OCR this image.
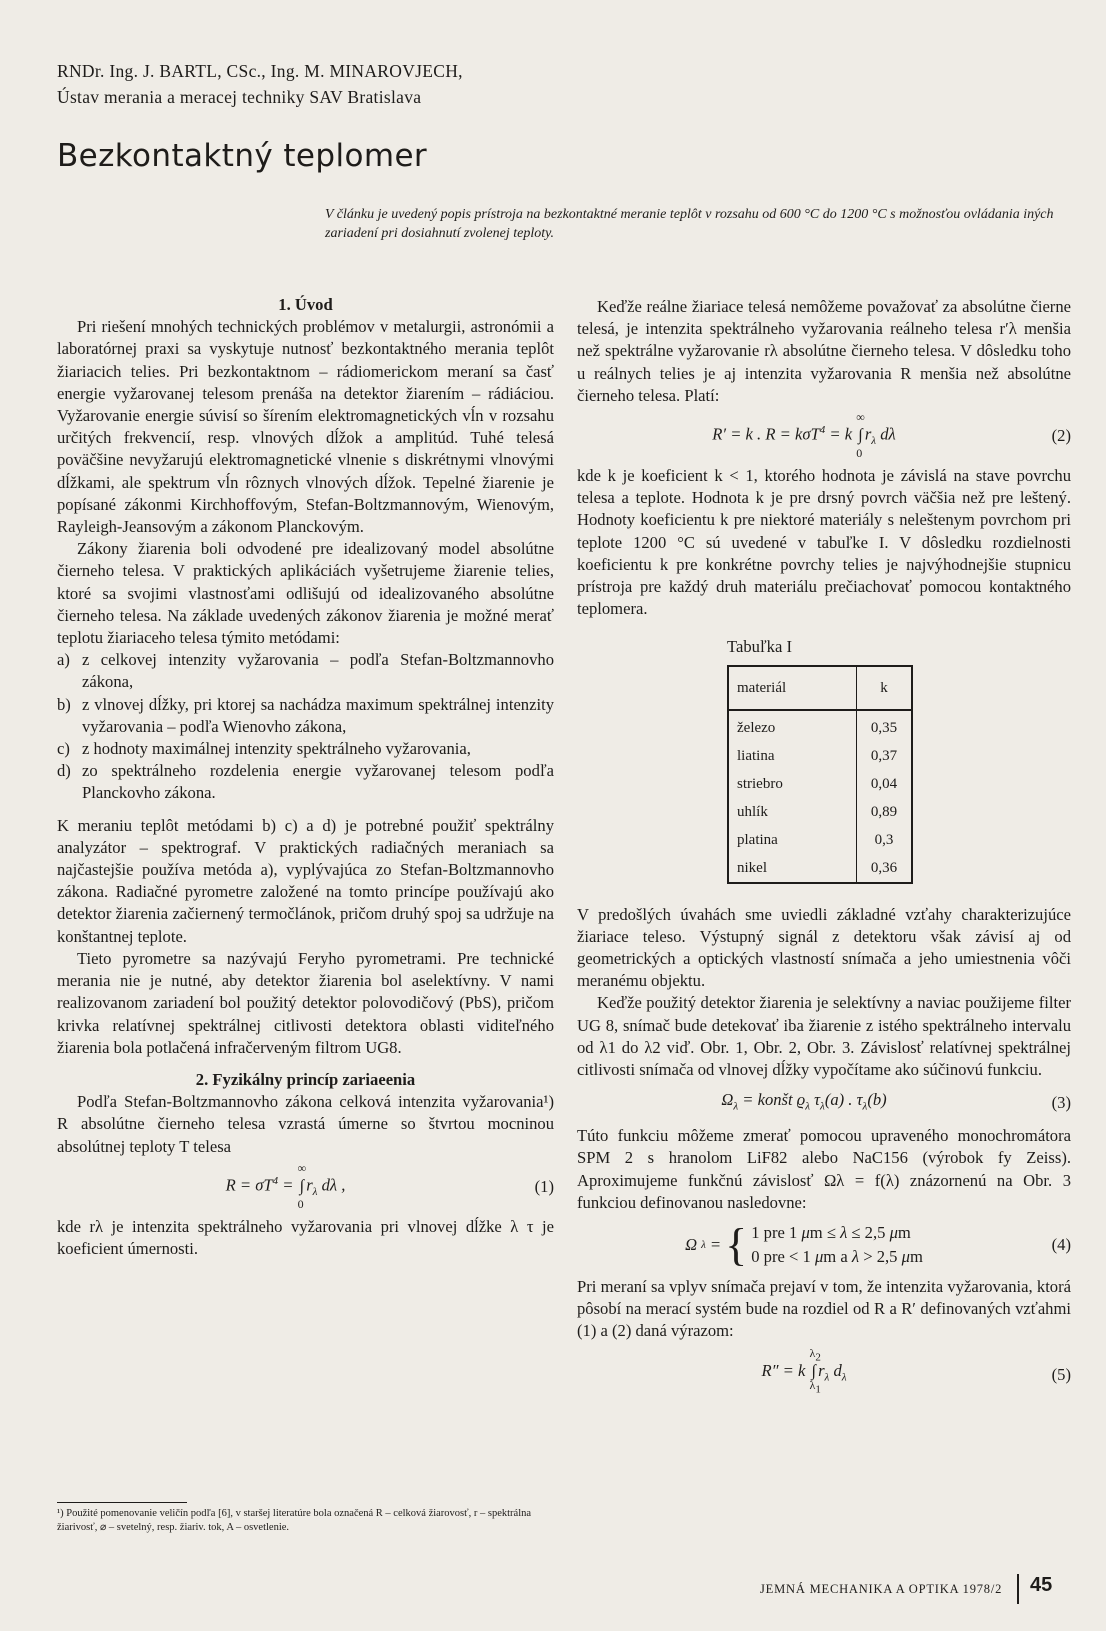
RNDr. Ing. J. BARTL, CSc., Ing. M. MINAROVJECH,
Ústav merania a meracej techniky SAV Bratislava
Bezkontaktný teplomer
V článku je uvedený popis prístroja na bezkontaktné meranie teplôt v rozsahu od 600 °C do 1200 °C s možnosťou ovládania iných zariadení pri dosiahnutí zvolenej teploty.

1. Úvod

Pri riešení mnohých technických problémov v metalurgii, astronómii a laboratórnej praxi sa vyskytuje nutnosť bezkontaktného merania teplôt žiariacich telies. Pri bezkontaktnom – rádiomerickom meraní sa časť energie vyžarovanej telesom prenáša na detektor žiarením – rádiáciou. Vyžarovanie energie súvisí so šírením elektromagnetických vĺn v rozsahu určitých frekvencií, resp. vlnových dĺžok a amplitúd. Tuhé telesá poväčšine nevyžarujú elektromagnetické vlnenie s diskrétnymi vlnovými dĺžkami, ale spektrum vĺn rôznych vlnových dĺžok. Tepelné žiarenie je popísané zákonmi Kirchhoffovým, Stefan-Boltzmannovým, Wienovým, Rayleigh-Jeansovým a zákonom Planckovým.

Zákony žiarenia boli odvodené pre idealizovaný model absolútne čierneho telesa. V praktických aplikáciách vyšetrujeme žiarenie telies, ktoré sa svojimi vlastnosťami odlišujú od idealizovaného absolútne čierneho telesa. Na základe uvedených zákonov žiarenia je možné merať teplotu žiariaceho telesa týmito metódami:

a) z celkovej intenzity vyžarovania – podľa Stefan-Boltzmannovho zákona,
b) z vlnovej dĺžky, pri ktorej sa nachádza maximum spektrálnej intenzity vyžarovania – podľa Wienovho zákona,
c) z hodnoty maximálnej intenzity spektrálneho vyžarovania,
d) zo spektrálneho rozdelenia energie vyžarovanej telesom podľa Planckovho zákona.

K meraniu teplôt metódami b) c) a d) je potrebné použiť spektrálny analyzátor – spektrograf. V praktických radiačných meraniach sa najčastejšie používa metóda a), vyplývajúca zo Stefan-Boltzmannovho zákona. Radiačné pyrometre založené na tomto princípe používajú ako detektor žiarenia začiernený termočlánok, pričom druhý spoj sa udržuje na konštantnej teplote.

Tieto pyrometre sa nazývajú Feryho pyrometrami. Pre technické merania nie je nutné, aby detektor žiarenia bol aselektívny. V nami realizovanom zariadení bol použitý detektor polovodičový (PbS), pričom krivka relatívnej spektrálnej citlivosti detektora oblasti viditeľného žiarenia bola potlačená infračerveným filtrom UG8.

2. Fyzikálny princíp zariaeenia

Podľa Stefan-Boltzmannovho zákona celková intenzita vyžarovania¹) R absolútne čierneho telesa vzrastá úmerne so štvrtou mocninou absolútnej teploty T telesa

$R = \sigma T^4$ = ∫
∞
0
$r_\lambda$ dλ ,	(1)

kde rλ je intenzita spektrálneho vyžarovania pri vlnovej dĺžke λ τ je koeficient úmernosti.

Keďže reálne žiariace telesá nemôžeme považovať za absolútne čierne telesá, je intenzita spektrálneho vyžarovania reálneho telesa r′λ menšia než spektrálne vyžarovanie rλ absolútne čierneho telesa. V dôsledku toho u reálnych telies je aj intenzita vyžarovania R menšia než absolútne čierneho telesa. Platí:

R′ = k . R = kσT$^4$ = k ∫
∞
0
$r_\lambda$ dλ	(2)

kde k je koeficient k < 1, ktorého hodnota je závislá na stave povrchu telesa a teplote. Hodnota k je pre drsný povrch väčšia než pre leštený. Hodnoty koeficientu k pre niektoré materiály s neleštenym povrchom pri teplote 1200 °C sú uvedené v tabuľke I. V dôsledku rozdielnosti koeficientu k pre konkrétne povrchy telies je najvýhodnejšie stupnicu prístroja pre každý druh materiálu prečiachovať pomocou kontaktného teplomera.

Tabuľka I
materiál	k
železo	0,35
liatina	0,37
striebro	0,04
uhlík	0,89
platina	0,3
nikel	0,36

V predošlých úvahách sme uviedli základné vzťahy charakterizujúce žiariace teleso. Výstupný signál z detektoru však závisí aj od geometrických a optických vlastností snímača a jeho umiestnenia vôči meranému objektu.

Keďže použitý detektor žiarenia je selektívny a naviac použijeme filter UG 8, snímač bude detekovať iba žiarenie z istého spektrálneho intervalu od λ1 do λ2 viď. Obr. 1, Obr. 2, Obr. 3. Závislosť relatívnej spektrálnej citlivosti snímača od vlnovej dĺžky vypočítame ako súčinovú funkciu.

$\Omega_\lambda$ = konšt $ϱ_\lambda$ $\tau_\lambda(a)$ . $\tau_\lambda(b)$	(3)

Túto funkciu môžeme zmerať pomocou upraveného monochromátora SPM 2 s hranolom LiF82 alebo NaC156 (výrobok fy Zeiss). Aproximujeme funkčnú závislosť Ωλ = f(λ) znázornenú na Obr. 3 funkciou definovanou nasledovne:

Ω λ = { 1 pre 1 μm ≤ λ ≤ 2,5 μm
0 pre < 1 μm a λ > 2,5 μm
(4)

Pri meraní sa vplyv snímača prejaví v tom, že intenzita vyžarovania, ktorá pôsobí na merací systém bude na rozdiel od R a R′ definovaných vzťahmi (1) a (2) daná výrazom:

R″ = k ∫
$\lambda_2$
$\lambda_1$
$r_\lambda$ $d_\lambda$	(5)
¹) Použité pomenovanie veličín podľa [6], v staršej literatúre bola označená R – celková žiarovosť, r – spektrálna žiarivosť, ⌀ – svetelný, resp. žiariv. tok, A – osvetlenie.
JEMNÁ MECHANIKA A OPTIKA 1978/2 45
